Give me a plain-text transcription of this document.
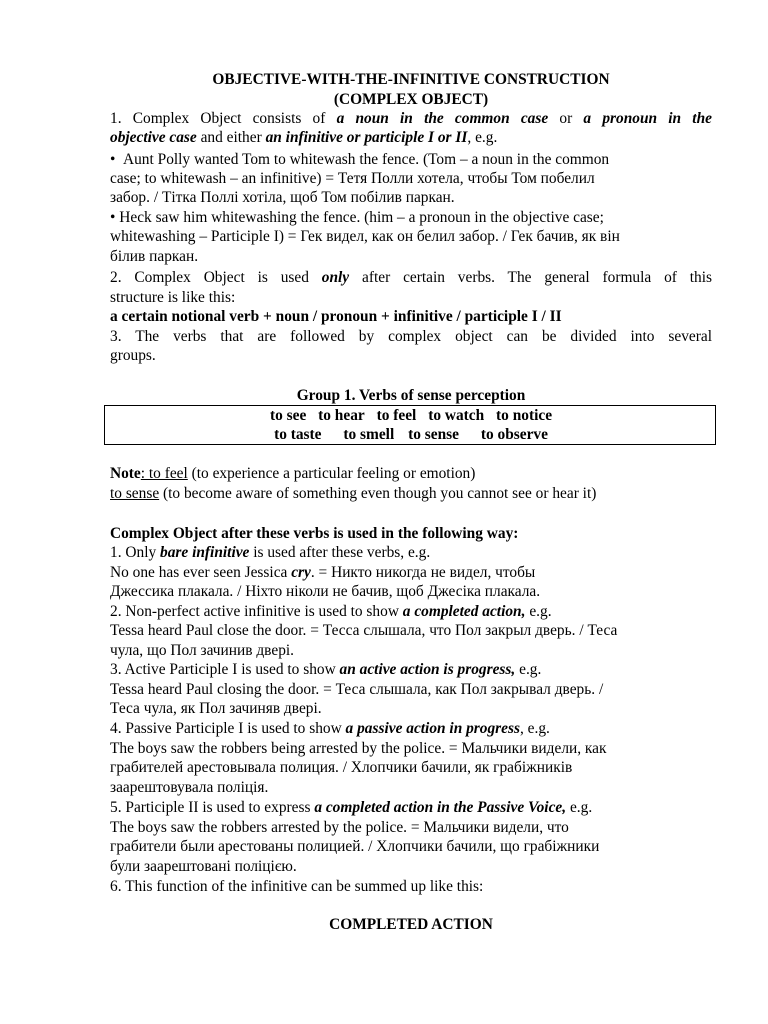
OBJECTIVE-WITH-THE-INFINITIVE CONSTRUCTION
(COMPLEX OBJECT)
1. Complex Object consists of a noun in the common case or a pronoun in the
objective case and either an infinitive or participle I or II, e.g.
• Aunt Polly wanted Tom to whitewash the fence. (Tom – a noun in the common
case; to whitewash – an infinitive) = Тетя Полли хотела, чтобы Том побелил
забор. / Тітка Поллі хотіла, щоб Том побілив паркан.
• Heck saw him whitewashing the fence. (him – a pronoun in the objective case;
whitewashing – Participle I) = Гек видел, как он белил забор. / Гек бачив, як він
білив паркан.
2. Complex Object is used only after certain verbs. The general formula of this
structure is like this:
a certain notional verb + noun / pronoun + infinitive / participle I / II
3. The verbs that are followed by complex object can be divided into several
groups.
Group 1. Verbs of sense perception
to see to hear to feel to watch to notice
to taste to smell to sense to observe
Note: to feel (to experience a particular feeling or emotion)
to sense (to become aware of something even though you cannot see or hear it)
Complex Object after these verbs is used in the following way:
1. Only bare infinitive is used after these verbs, e.g.
No one has ever seen Jessica cry. = Никто никогда не видел, чтобы
Джессика плакала. / Ніхто ніколи не бачив, щоб Джесіка плакала.
2. Non-perfect active infinitive is used to show a completed action, e.g.
Tessa heard Paul close the door. = Тесса слышала, что Пол закрыл дверь. / Теса
чула, що Пол зачинив двері.
3. Active Participle I is used to show an active action is progress, e.g.
Tessa heard Paul closing the door. = Теса слышала, как Пол закрывал дверь. /
Теса чула, як Пол зачиняв двері.
4. Passive Participle I is used to show a passive action in progress, e.g.
The boys saw the robbers being arrested by the police. = Мальчики видели, как
грабителей арестовывала полиция. / Хлопчики бачили, як грабіжників
заарештовувала поліція.
5. Participle II is used to express a completed action in the Passive Voice, e.g.
The boys saw the robbers arrested by the police. = Мальчики видели, что
грабители были арестованы полицией. / Хлопчики бачили, що грабіжники
були заарештовані поліцією.
6. This function of the infinitive can be summed up like this:
COMPLETED ACTION
